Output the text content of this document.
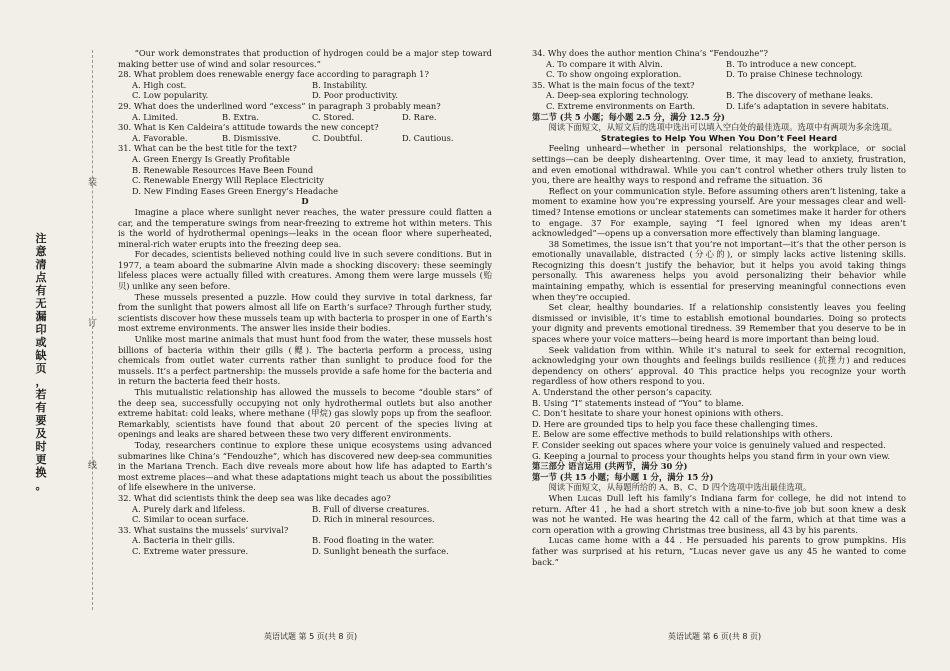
注
意
清
点
有
无
漏
印
或
缺
页
，
若
有
要
及
时
更
换
。
装
订
线

“Our work demonstrates that production of hydrogen could be a major step toward making better use of wind and solar resources.”

28. What problem does renewable energy face according to paragraph 1?

A. High cost.	B. Instability.
C. Low popularity.	D. Poor productivity.

29. What does the underlined word “excess” in paragraph 3 probably mean?

A. Limited.	B. Extra.	C. Stored.	D. Rare.

30. What is Ken Caldeira’s attitude towards the new concept?

A. Favorable.	B. Dismissive.	C. Doubtful.	D. Cautious.

31. What can be the best title for the text?

A. Green Energy Is Greatly Profitable
B. Renewable Resources Have Been Found
C. Renewable Energy Will Replace Electricity
D. New Finding Eases Green Energy’s Headache
D

Imagine a place where sunlight never reaches, the water pressure could flatten a car, and the temperature swings from near-freezing to extreme hot within meters. This is the world of hydrothermal openings—leaks in the ocean floor where superheated, mineral-rich water erupts into the freezing deep sea.

For decades, scientists believed nothing could live in such severe conditions. But in 1977, a team aboard the submarine Alvin made a shocking discovery: these seemingly lifeless places were actually filled with creatures. Among them were large mussels (贻贝) unlike any seen before.

These mussels presented a puzzle. How could they survive in total darkness, far from the sunlight that powers almost all life on Earth’s surface? Through further study, scientists discover how these mussels team up with bacteria to prosper in one of Earth’s most extreme environments. The answer lies inside their bodies.

Unlike most marine animals that must hunt food from the water, these mussels host billions of bacteria within their gills (鳃). The bacteria perform a process, using chemicals from outlet water currents rather than sunlight to produce food for the mussels. It’s a perfect partnership: the mussels provide a safe home for the bacteria and in return the bacteria feed their hosts.

This mutualistic relationship has allowed the mussels to become “double stars” of the deep sea, successfully occupying not only hydrothermal outlets but also another extreme habitat: cold leaks, where methane (甲烷) gas slowly pops up from the seafloor. Remarkably, scientists have found that about 20 percent of the species living at openings and leaks are shared between these two very different environments.

Today, researchers continue to explore these unique ecosystems using advanced submarines like China’s “Fendouzhe”, which has discovered new deep-sea communities in the Mariana Trench. Each dive reveals more about how life has adapted to Earth’s most extreme places—and what these adaptations might teach us about the possibilities of life elsewhere in the universe.

32. What did scientists think the deep sea was like decades ago?

A. Purely dark and lifeless.	B. Full of diverse creatures.
C. Similar to ocean surface.	D. Rich in mineral resources.

33. What sustains the mussels’ survival?

A. Bacteria in their gills.	B. Food floating in the water.
C. Extreme water pressure.	D. Sunlight beneath the surface.

34. Why does the author mention China’s “Fendouzhe”?

A. To compare it with Alvin.	B. To introduce a new concept.
C. To show ongoing exploration.	D. To praise Chinese technology.

35. What is the main focus of the text?

A. Deep-sea exploring technology.	B. The discovery of methane leaks.
C. Extreme environments on Earth.	D. Life’s adaptation in severe habitats.

第二节 (共 5 小题；每小题 2.5 分，满分 12.5 分)

阅读下面短文，从短文后的选项中选出可以填入空白处的最佳选项。选项中有两项为多余选项。

Strategies to Help You When You Don’t Feel Heard

Feeling unheard—whether in personal relationships, the workplace, or social settings—can be deeply disheartening. Over time, it may lead to anxiety, frustration, and even emotional withdrawal. While you can’t control whether others truly listen to you, there are healthy ways to respond and reframe the situation. 36

Reflect on your communication style. Before assuming others aren’t listening, take a moment to examine how you’re expressing yourself. Are your messages clear and well-timed? Intense emotions or unclear statements can sometimes make it harder for others to engage. 37 For example, saying “I feel ignored when my ideas aren’t acknowledged”—opens up a conversation more effectively than blaming language.

38 Sometimes, the issue isn’t that you’re not important—it’s that the other person is emotionally unavailable, distracted (分心的), or simply lacks active listening skills. Recognizing this doesn’t justify the behavior, but it helps you avoid taking things personally. This awareness helps you avoid personalizing their behavior while maintaining empathy, which is essential for preserving meaningful connections even when they’re occupied.

Set clear, healthy boundaries. If a relationship consistently leaves you feeling dismissed or invisible, it’s time to establish emotional boundaries. Doing so protects your dignity and prevents emotional tiredness. 39 Remember that you deserve to be in spaces where your voice matters—being heard is more important than being loud.

Seek validation from within. While it’s natural to seek for external recognition, acknowledging your own thoughts and feelings builds resilience (抗挫力) and reduces dependency on others’ approval. 40 This practice helps you recognize your worth regardless of how others respond to you.

A. Understand the other person’s capacity.
B. Using “I” statements instead of “You” to blame.
C. Don’t hesitate to share your honest opinions with others.
D. Here are grounded tips to help you face these challenging times.
E. Below are some effective methods to build relationships with others.
F. Consider seeking out spaces where your voice is genuinely valued and respected.
G. Keeping a journal to process your thoughts helps you stand firm in your own view.

第三部分 语言运用 (共两节，满分 30 分)

第一节 (共 15 小题；每小题 1 分，满分 15 分)

阅读下面短文，从每题所给的 A、B、C、D 四个选项中选出最佳选项。

When Lucas Dull left his family’s Indiana farm for college, he did not intend to return. After 41 , he had a short stretch with a nine-to-five job but soon knew a desk was not he wanted. He was hearing the 42 call of the farm, which at that time was a corn operation with a growing Christmas tree business, all 43 by his parents.

Lucas came home with a 44 . He persuaded his parents to grow pumpkins. His father was surprised at his return, “Lucas never gave us any 45 he wanted to come back.”

英语试题 第 5 页(共 8 页)	英语试题 第 6 页(共 8 页)
